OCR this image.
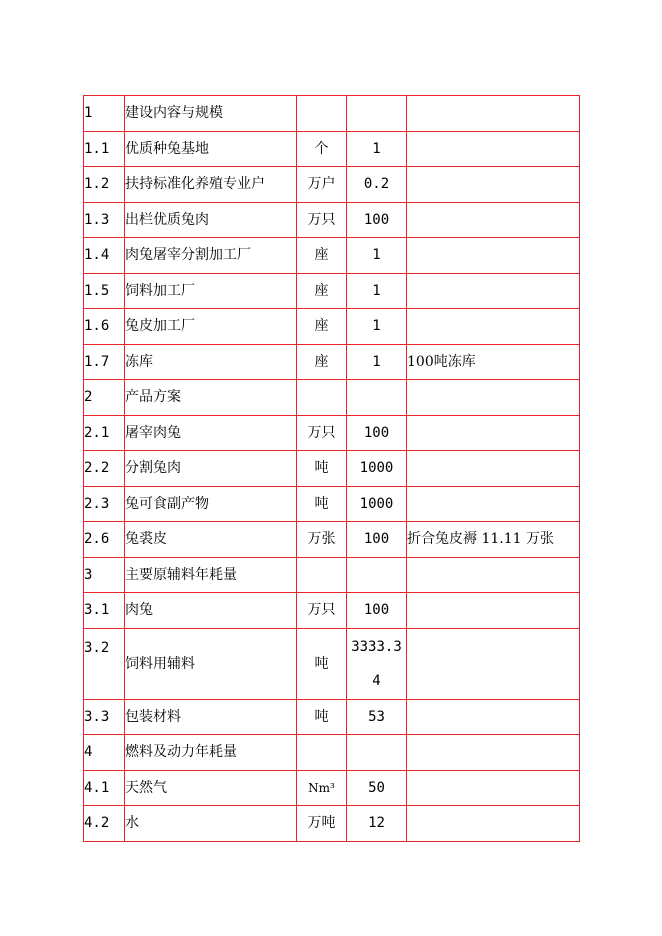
1	建设内容与规模			
1.1	优质种兔基地	个	1	
1.2	扶持标准化养殖专业户	万户	0.2	
1.3	出栏优质兔肉	万只	100	
1.4	肉兔屠宰分割加工厂	座	1	
1.5	饲料加工厂	座	1	
1.6	兔皮加工厂	座	1	
1.7	冻库	座	1	100吨冻库
2	产品方案			
2.1	屠宰肉兔	万只	100	
2.2	分割兔肉	吨	1000	
2.3	兔可食副产物	吨	1000	
2.6	兔裘皮	万张	100	折合兔皮褥 11.11 万张
3	主要原辅料年耗量			
3.1	肉兔	万只	100	
3.2	饲料用辅料	吨	3333.34	
3.3	包装材料	吨	53	
4	燃料及动力年耗量			
4.1	天然气	Nm³	50	
4.2	水	万吨	12	
